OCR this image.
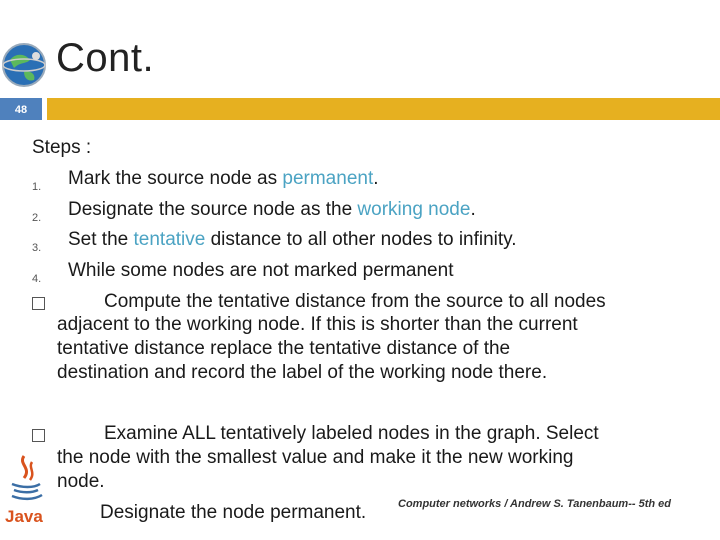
Cont.
48
Steps :
1. Mark the source node as permanent.
2. Designate the source node as the working node.
3. Set the tentative distance to all other nodes to infinity.
4. While some nodes are not marked permanent
Compute the tentative distance from the source to all nodes
adjacent to the working node. If this is shorter than the current
tentative distance replace the tentative distance of the
destination and record the label of the working node there.
Examine ALL tentatively labeled nodes in the graph. Select
the node with the smallest value and make it the new working
node.
Designate the node permanent.	Computer networks / Andrew S. Tanenbaum-- 5th ed
Java
